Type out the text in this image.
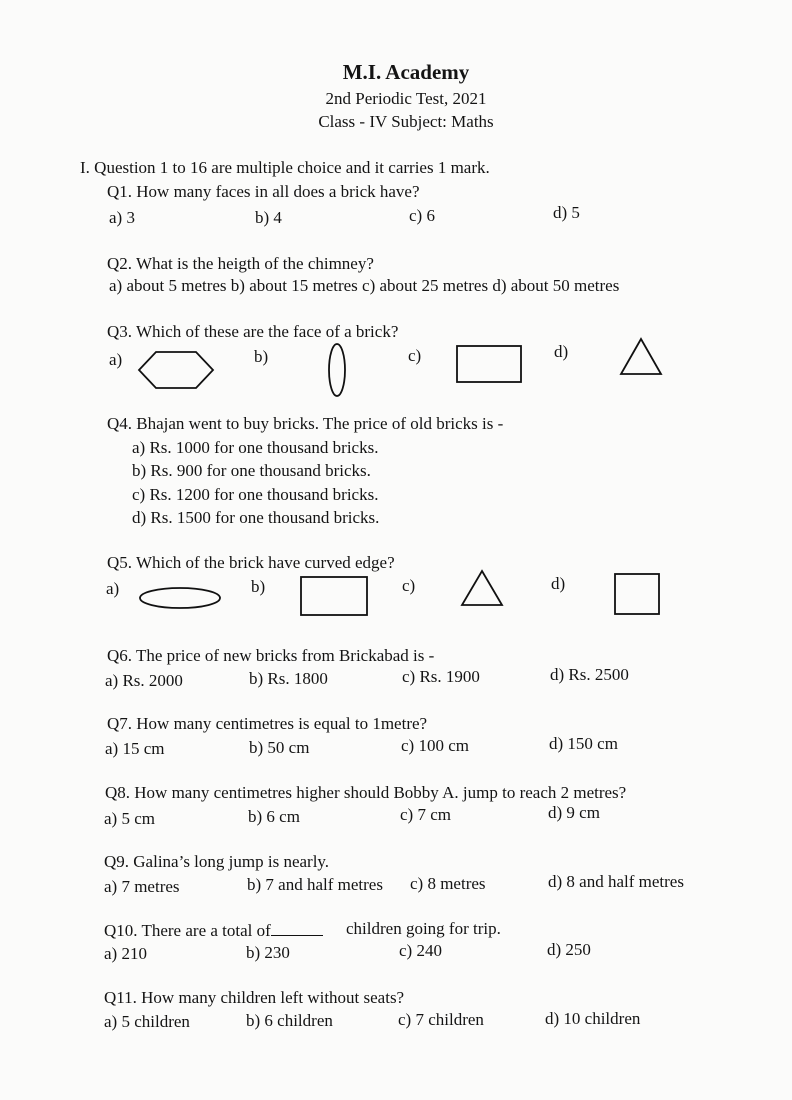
M.I. Academy
2nd Periodic Test, 2021
Class - IV Subject: Maths
I. Question 1 to 16 are multiple choice and it carries 1 mark.
Q1. How many faces in all does a brick have?
a) 3	b) 4	c) 6	d) 5
Q2. What is the heigth of the chimney?
a) about 5 metres b) about 15 metres c) about 25 metres d) about 50 metres
Q3. Which of these are the face of a brick?
a)	b)	c)	d)
Q4. Bhajan went to buy bricks. The price of old bricks is -
a) Rs. 1000 for one thousand bricks.
b) Rs. 900 for one thousand bricks.
c) Rs. 1200 for one thousand bricks.
d) Rs. 1500 for one thousand bricks.
Q5. Which of the brick have curved edge?
a)	b)	c)	d)
Q6. The price of new bricks from Brickabad is -
a) Rs. 2000	b) Rs. 1800	c) Rs. 1900	d) Rs. 2500
Q7. How many centimetres is equal to 1metre?
a) 15 cm	b) 50 cm	c) 100 cm	d) 150 cm
Q8. How many centimetres higher should Bobby A. jump to reach 2 metres?
a) 5 cm	b) 6 cm	c) 7 cm	d) 9 cm
Q9. Galina’s long jump is nearly.
a) 7 metres	b) 7 and half metres c) 8 metres	d) 8 and half metres
Q10. There are a total of	children going for trip.
a) 210	b) 230	c) 240	d) 250
Q11. How many children left without seats?
a) 5 children	b) 6 children	c) 7 children	d) 10 children
